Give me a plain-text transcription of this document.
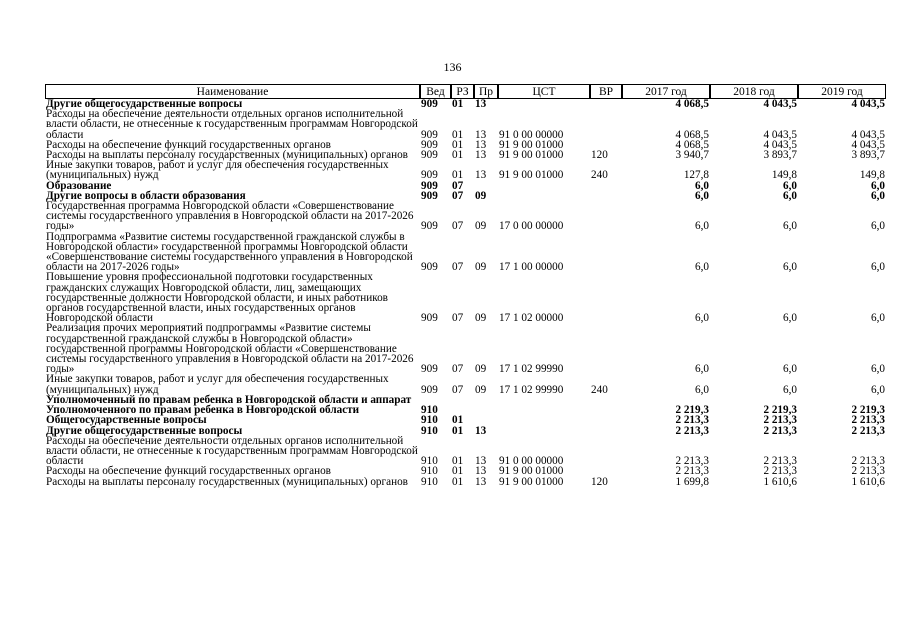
136
Наименование	Вед	РЗ	Пр	ЦСТ	ВР	2017 год	2018 год	2019 год
Другие общегосударственные вопросы	909	01	13			4 068,5	4 043,5	4 043,5
Расходы на обеспечение деятельности отдельных органов исполнительной власти области, не отнесенные к государственным программам Новгородской области	909	01	13	91 0 00 00000		4 068,5	4 043,5	4 043,5
Расходы на обеспечение функций государственных органов	909	01	13	91 9 00 01000		4 068,5	4 043,5	4 043,5
Расходы на выплаты персоналу государственных (муниципальных) органов	909	01	13	91 9 00 01000	120	3 940,7	3 893,7	3 893,7
Иные закупки товаров, работ и услуг для обеспечения государственных (муниципальных) нужд	909	01	13	91 9 00 01000	240	127,8	149,8	149,8
Образование	909	07				6,0	6,0	6,0
Другие вопросы в области образования	909	07	09			6,0	6,0	6,0
Государственная программа Новгородской области «Совершенствование системы государственного управления в Новгородской области на 2017-2026 годы»	909	07	09	17 0 00 00000		6,0	6,0	6,0
Подпрограмма «Развитие системы государственной гражданской службы в Новгородской области» государственной программы Новгородской области «Совершенствование системы государственного управления в Новгородской области на 2017-2026 годы»	909	07	09	17 1 00 00000		6,0	6,0	6,0
Повышение уровня профессиональной подготовки государственных гражданских служащих Новгородской области, лиц, замещающих государственные должности Новгородской области, и иных работников органов государственной власти, иных государственных органов Новгородской области	909	07	09	17 1 02 00000		6,0	6,0	6,0
Реализация прочих мероприятий подпрограммы «Развитие системы государственной гражданской службы в Новгородской области» государственной программы Новгородской области «Совершенствование системы государственного управления в Новгородской области на 2017-2026 годы»	909	07	09	17 1 02 99990		6,0	6,0	6,0
Иные закупки товаров, работ и услуг для обеспечения государственных (муниципальных) нужд	909	07	09	17 1 02 99990	240	6,0	6,0	6,0
Уполномоченный по правам ребенка в Новгородской области и аппарат Уполномоченного по правам ребенка в Новгородской области	910					2 219,3	2 219,3	2 219,3
Общегосударственные вопросы	910	01				2 213,3	2 213,3	2 213,3
Другие общегосударственные вопросы	910	01	13			2 213,3	2 213,3	2 213,3
Расходы на обеспечение деятельности отдельных органов исполнительной власти области, не отнесенные к государственным программам Новгородской области	910	01	13	91 0 00 00000		2 213,3	2 213,3	2 213,3
Расходы на обеспечение функций государственных органов	910	01	13	91 9 00 01000		2 213,3	2 213,3	2 213,3
Расходы на выплаты персоналу государственных (муниципальных) органов	910	01	13	91 9 00 01000	120	1 699,8	1 610,6	1 610,6
